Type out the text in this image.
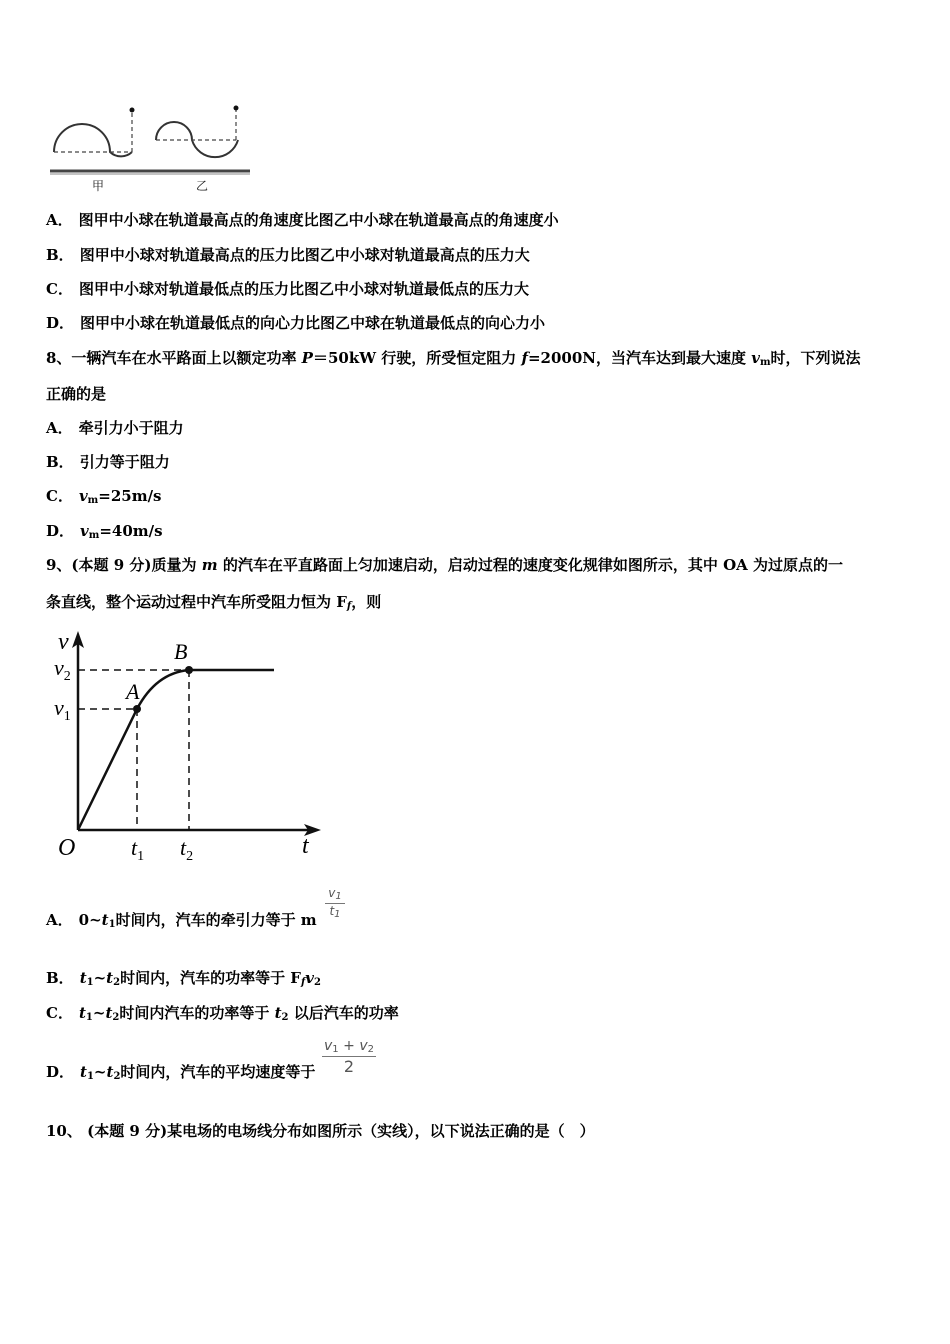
甲	乙
A． 图甲中小球在轨道最高点的角速度比图乙中小球在轨道最高点的角速度小
B． 图甲中小球对轨道最高点的压力比图乙中小球对轨道最高点的压力大
C． 图甲中小球对轨道最低点的压力比图乙中小球对轨道最低点的压力大
D． 图甲中小球在轨道最低点的向心力比图乙中球在轨道最低点的向心力小
8、一辆汽车在水平路面上以额定功率 P＝50kW 行驶，所受恒定阻力 f=2000N，当汽车达到最大速度 $v_m$时，下列说法
正确的是
A． 牵引力小于阻力
B． 引力等于阻力
C． $v_m=25m/s$
D． $v_m=40m/s$
9、(本题 9 分)质量为 m 的汽车在平直路面上匀加速启动，启动过程的速度变化规律如图所示，其中 OA 为过原点的一
条直线，整个运动过程中汽车所受阻力恒为 $F_f$，则
v
$v_2$
$v_1$
A
B
O	$t_1$ $t_2$	t
A． $0\sim t_1$时间内，汽车的牵引力等于 m $\frac{v_1}{t_1}$
B． $t_1\sim t_2$时间内，汽车的功率等于 $F_fv_2$
C． $t_1\sim t_2$时间内汽车的功率等于 $t_2$ 以后汽车的功率
D． $t_1\sim t_2$时间内，汽车的平均速度等于 $\frac{v_1 + v_2}{2}$
10、 (本题 9 分)某电场的电场线分布如图所示（实线），以下说法正确的是（　）
